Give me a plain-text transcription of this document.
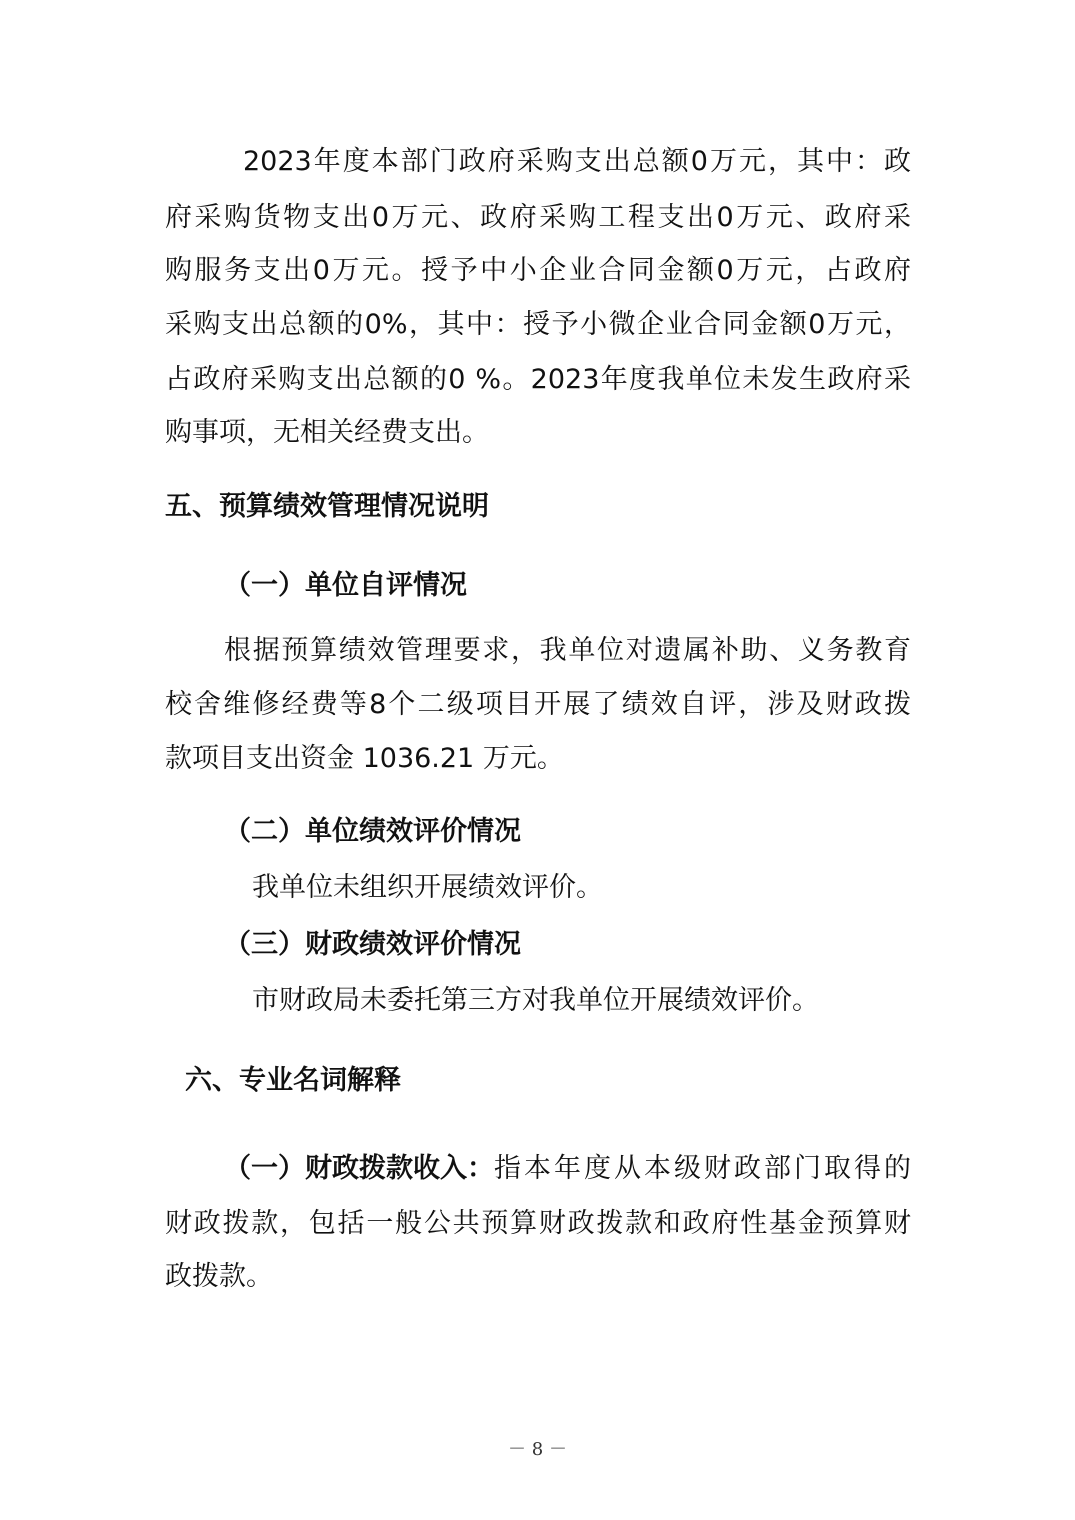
2023年度本部门政府采购支出总额0万元，其中：政
府采购货物支出0万元、政府采购工程支出0万元、政府采
购服务支出0万元。授予中小企业合同金额0万元，占政府
采购支出总额的0%，其中：授予小微企业合同金额0万元，
占政府采购支出总额的0 %。2023年度我单位未发生政府采
购事项，无相关经费支出。
五、预算绩效管理情况说明
（一）单位自评情况
根据预算绩效管理要求，我单位对遗属补助、义务教育
校舍维修经费等8个二级项目开展了绩效自评，涉及财政拨
款项目支出资金 1036.21 万元。
（二）单位绩效评价情况
我单位未组织开展绩效评价。
（三）财政绩效评价情况
市财政局未委托第三方对我单位开展绩效评价。
六、专业名词解释
（一）财政拨款收入： 指本年度从本级财政部门取得的
财政拨款，包括一般公共预算财政拨款和政府性基金预算财
政拨款。
－ 8 －
